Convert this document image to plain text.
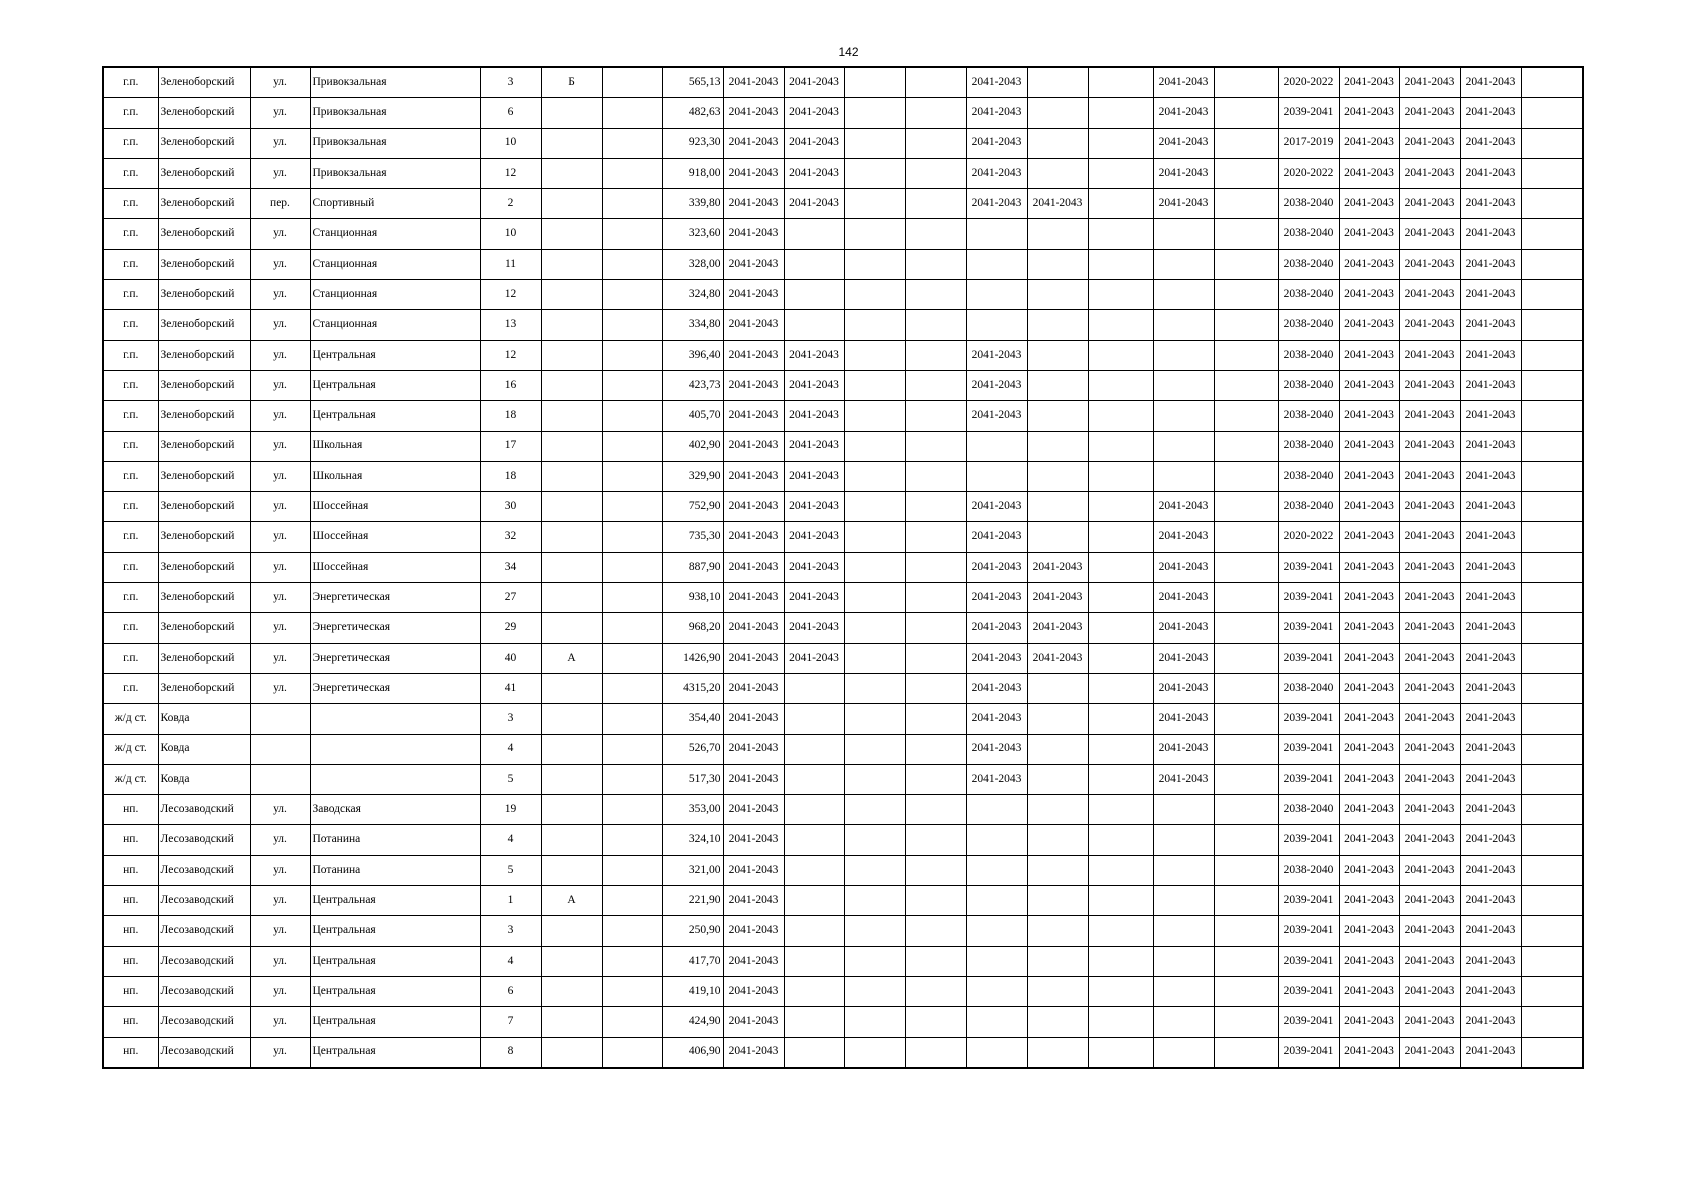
142
г.п.	Зеленоборский	ул.	Привокзальная	3	Б		565,13	2041-2043	2041-2043			2041-2043			2041-2043		2020-2022	2041-2043	2041-2043	2041-2043	
г.п.	Зеленоборский	ул.	Привокзальная	6			482,63	2041-2043	2041-2043			2041-2043			2041-2043		2039-2041	2041-2043	2041-2043	2041-2043	
г.п.	Зеленоборский	ул.	Привокзальная	10			923,30	2041-2043	2041-2043			2041-2043			2041-2043		2017-2019	2041-2043	2041-2043	2041-2043	
г.п.	Зеленоборский	ул.	Привокзальная	12			918,00	2041-2043	2041-2043			2041-2043			2041-2043		2020-2022	2041-2043	2041-2043	2041-2043	
г.п.	Зеленоборский	пер.	Спортивный	2			339,80	2041-2043	2041-2043			2041-2043	2041-2043		2041-2043		2038-2040	2041-2043	2041-2043	2041-2043	
г.п.	Зеленоборский	ул.	Станционная	10			323,60	2041-2043									2038-2040	2041-2043	2041-2043	2041-2043	
г.п.	Зеленоборский	ул.	Станционная	11			328,00	2041-2043									2038-2040	2041-2043	2041-2043	2041-2043	
г.п.	Зеленоборский	ул.	Станционная	12			324,80	2041-2043									2038-2040	2041-2043	2041-2043	2041-2043	
г.п.	Зеленоборский	ул.	Станционная	13			334,80	2041-2043									2038-2040	2041-2043	2041-2043	2041-2043	
г.п.	Зеленоборский	ул.	Центральная	12			396,40	2041-2043	2041-2043			2041-2043					2038-2040	2041-2043	2041-2043	2041-2043	
г.п.	Зеленоборский	ул.	Центральная	16			423,73	2041-2043	2041-2043			2041-2043					2038-2040	2041-2043	2041-2043	2041-2043	
г.п.	Зеленоборский	ул.	Центральная	18			405,70	2041-2043	2041-2043			2041-2043					2038-2040	2041-2043	2041-2043	2041-2043	
г.п.	Зеленоборский	ул.	Школьная	17			402,90	2041-2043	2041-2043								2038-2040	2041-2043	2041-2043	2041-2043	
г.п.	Зеленоборский	ул.	Школьная	18			329,90	2041-2043	2041-2043								2038-2040	2041-2043	2041-2043	2041-2043	
г.п.	Зеленоборский	ул.	Шоссейная	30			752,90	2041-2043	2041-2043			2041-2043			2041-2043		2038-2040	2041-2043	2041-2043	2041-2043	
г.п.	Зеленоборский	ул.	Шоссейная	32			735,30	2041-2043	2041-2043			2041-2043			2041-2043		2020-2022	2041-2043	2041-2043	2041-2043	
г.п.	Зеленоборский	ул.	Шоссейная	34			887,90	2041-2043	2041-2043			2041-2043	2041-2043		2041-2043		2039-2041	2041-2043	2041-2043	2041-2043	
г.п.	Зеленоборский	ул.	Энергетическая	27			938,10	2041-2043	2041-2043			2041-2043	2041-2043		2041-2043		2039-2041	2041-2043	2041-2043	2041-2043	
г.п.	Зеленоборский	ул.	Энергетическая	29			968,20	2041-2043	2041-2043			2041-2043	2041-2043		2041-2043		2039-2041	2041-2043	2041-2043	2041-2043	
г.п.	Зеленоборский	ул.	Энергетическая	40	А		1426,90	2041-2043	2041-2043			2041-2043	2041-2043		2041-2043		2039-2041	2041-2043	2041-2043	2041-2043	
г.п.	Зеленоборский	ул.	Энергетическая	41			4315,20	2041-2043				2041-2043			2041-2043		2038-2040	2041-2043	2041-2043	2041-2043	
ж/д ст.	Ковда			3			354,40	2041-2043				2041-2043			2041-2043		2039-2041	2041-2043	2041-2043	2041-2043	
ж/д ст.	Ковда			4			526,70	2041-2043				2041-2043			2041-2043		2039-2041	2041-2043	2041-2043	2041-2043	
ж/д ст.	Ковда			5			517,30	2041-2043				2041-2043			2041-2043		2039-2041	2041-2043	2041-2043	2041-2043	
нп.	Лесозаводский	ул.	Заводская	19			353,00	2041-2043									2038-2040	2041-2043	2041-2043	2041-2043	
нп.	Лесозаводский	ул.	Потанина	4			324,10	2041-2043									2039-2041	2041-2043	2041-2043	2041-2043	
нп.	Лесозаводский	ул.	Потанина	5			321,00	2041-2043									2038-2040	2041-2043	2041-2043	2041-2043	
нп.	Лесозаводский	ул.	Центральная	1	А		221,90	2041-2043									2039-2041	2041-2043	2041-2043	2041-2043	
нп.	Лесозаводский	ул.	Центральная	3			250,90	2041-2043									2039-2041	2041-2043	2041-2043	2041-2043	
нп.	Лесозаводский	ул.	Центральная	4			417,70	2041-2043									2039-2041	2041-2043	2041-2043	2041-2043	
нп.	Лесозаводский	ул.	Центральная	6			419,10	2041-2043									2039-2041	2041-2043	2041-2043	2041-2043	
нп.	Лесозаводский	ул.	Центральная	7			424,90	2041-2043									2039-2041	2041-2043	2041-2043	2041-2043	
нп.	Лесозаводский	ул.	Центральная	8			406,90	2041-2043									2039-2041	2041-2043	2041-2043	2041-2043	
